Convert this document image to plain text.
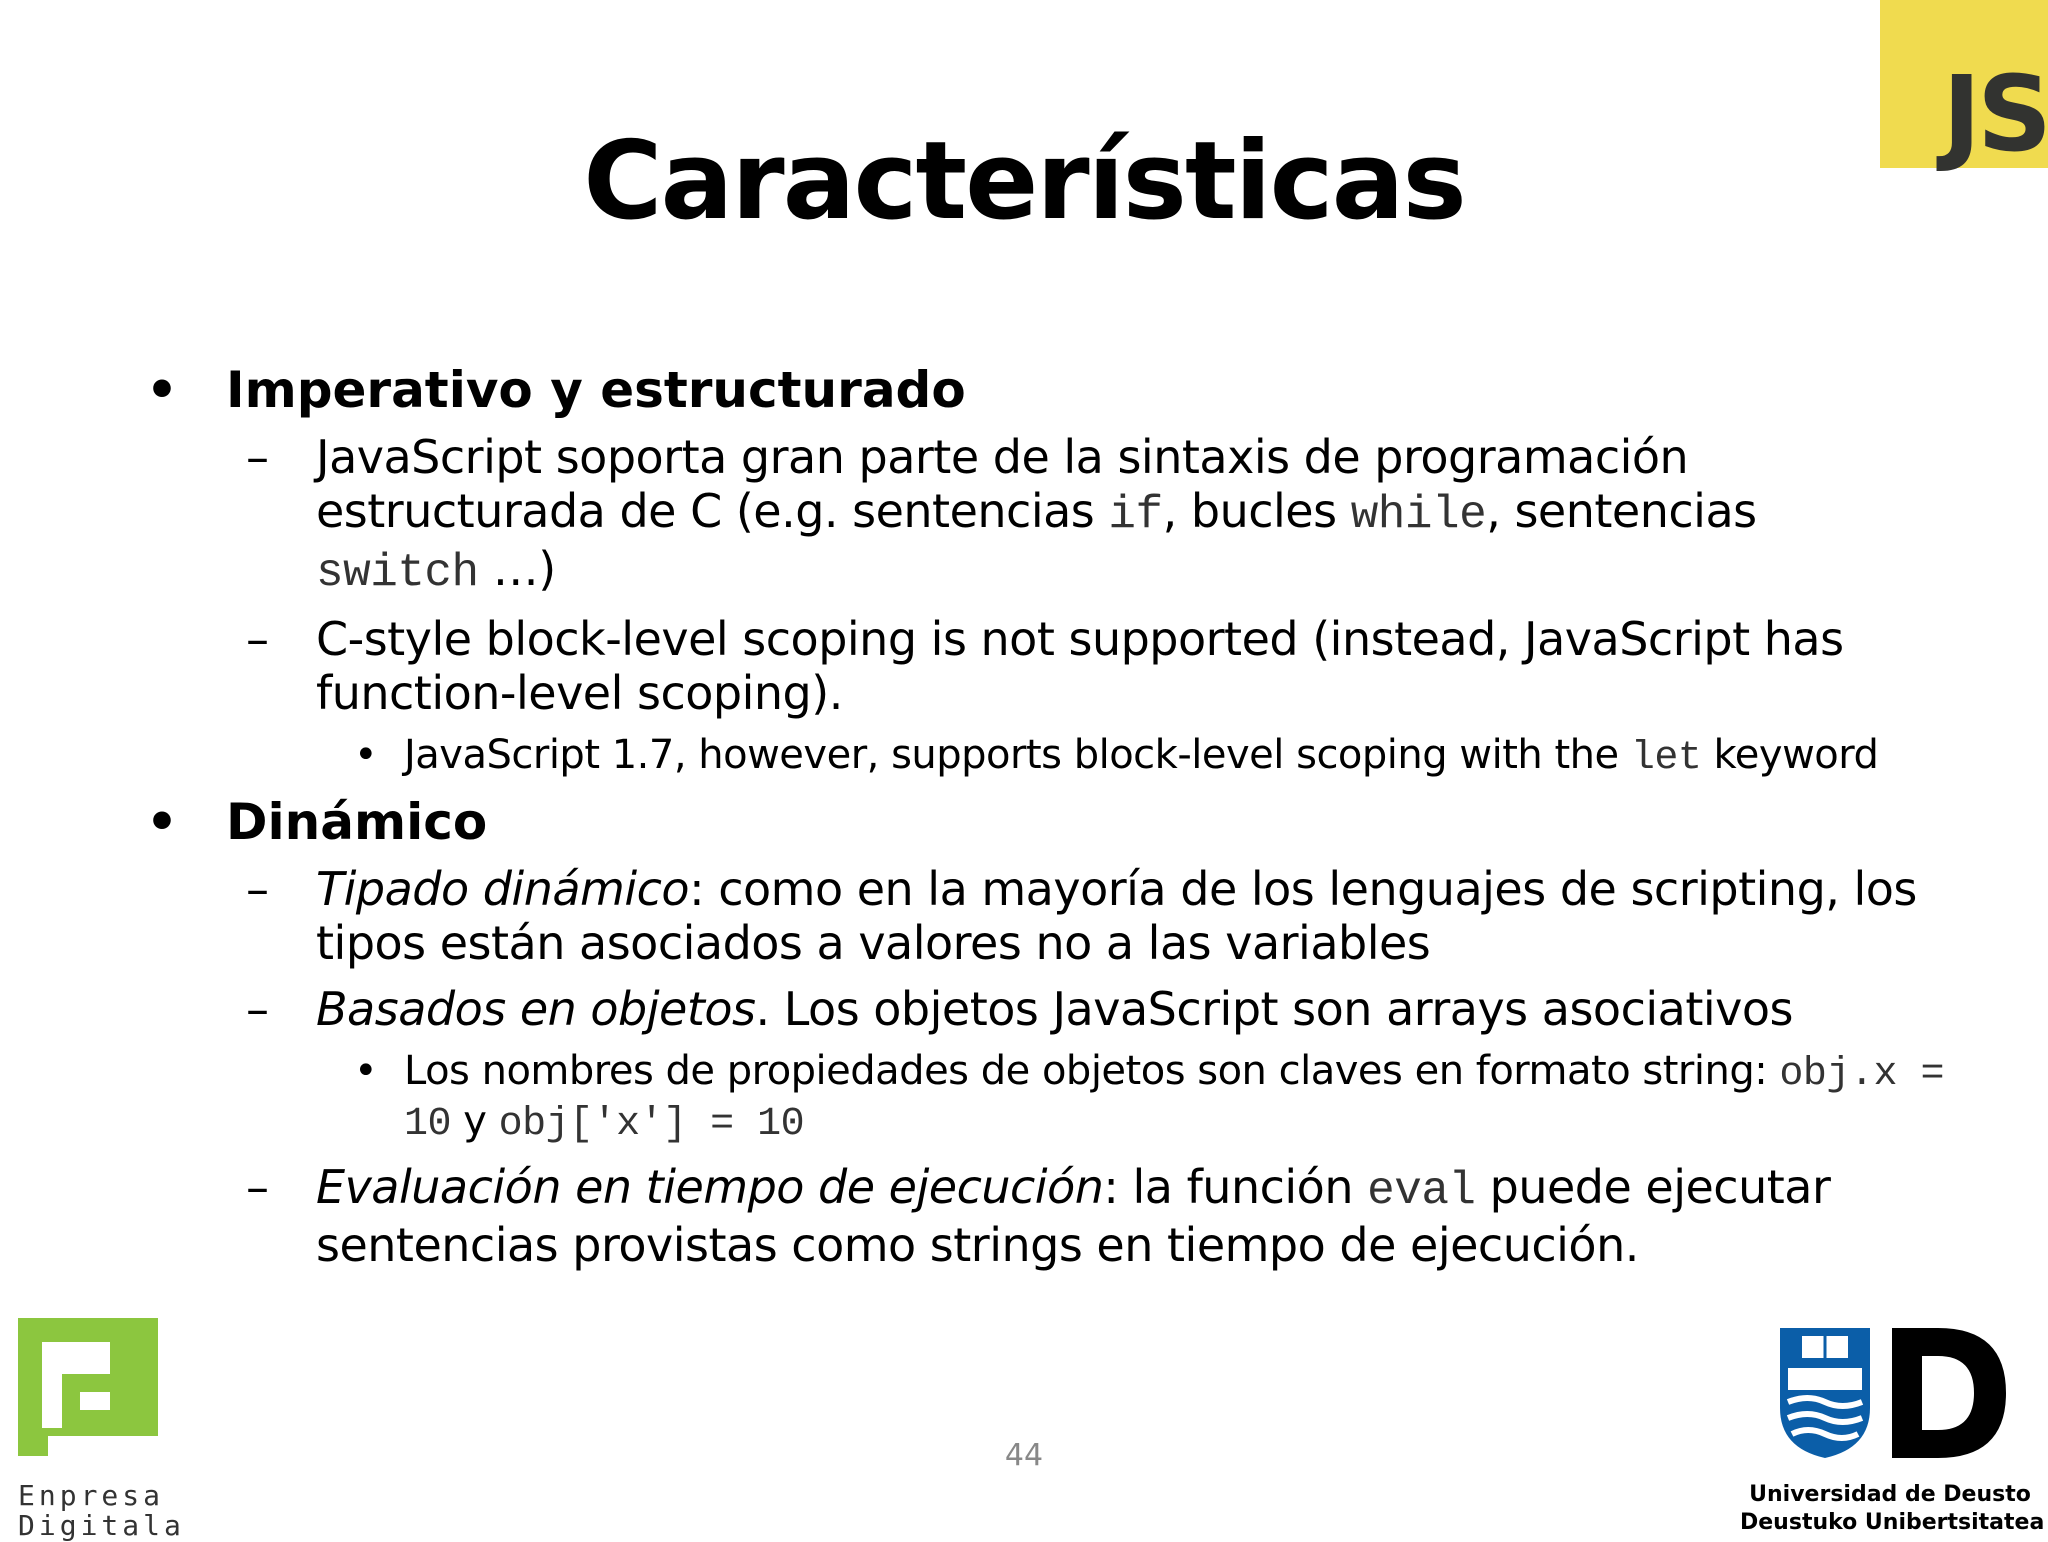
JS
Características
• Imperativo y estructurado
–	JavaScript soporta gran parte de la sintaxis de programación estructurada de C (e.g. sentencias if, bucles while, sentencias
switch …)
–	C-style block-level scoping is not supported (instead, JavaScript has function-level scoping).
• JavaScript 1.7, however, supports block-level scoping with the let keyword
• Dinámico
–	Tipado dinámico: como en la mayoría de los lenguajes de scripting, los tipos están asociados a valores no a las variables
–	Basados en objetos. Los objetos JavaScript son arrays asociativos
• Los nombres de propiedades de objetos son claves en formato string: obj.x = 10 y obj['x'] = 10
–	Evaluación en tiempo de ejecución: la función eval puede ejecutar sentencias provistas como strings en tiempo de ejecución.
44
Enpresa
Digitala
Universidad de Deusto
Deustuko Unibertsitatea
